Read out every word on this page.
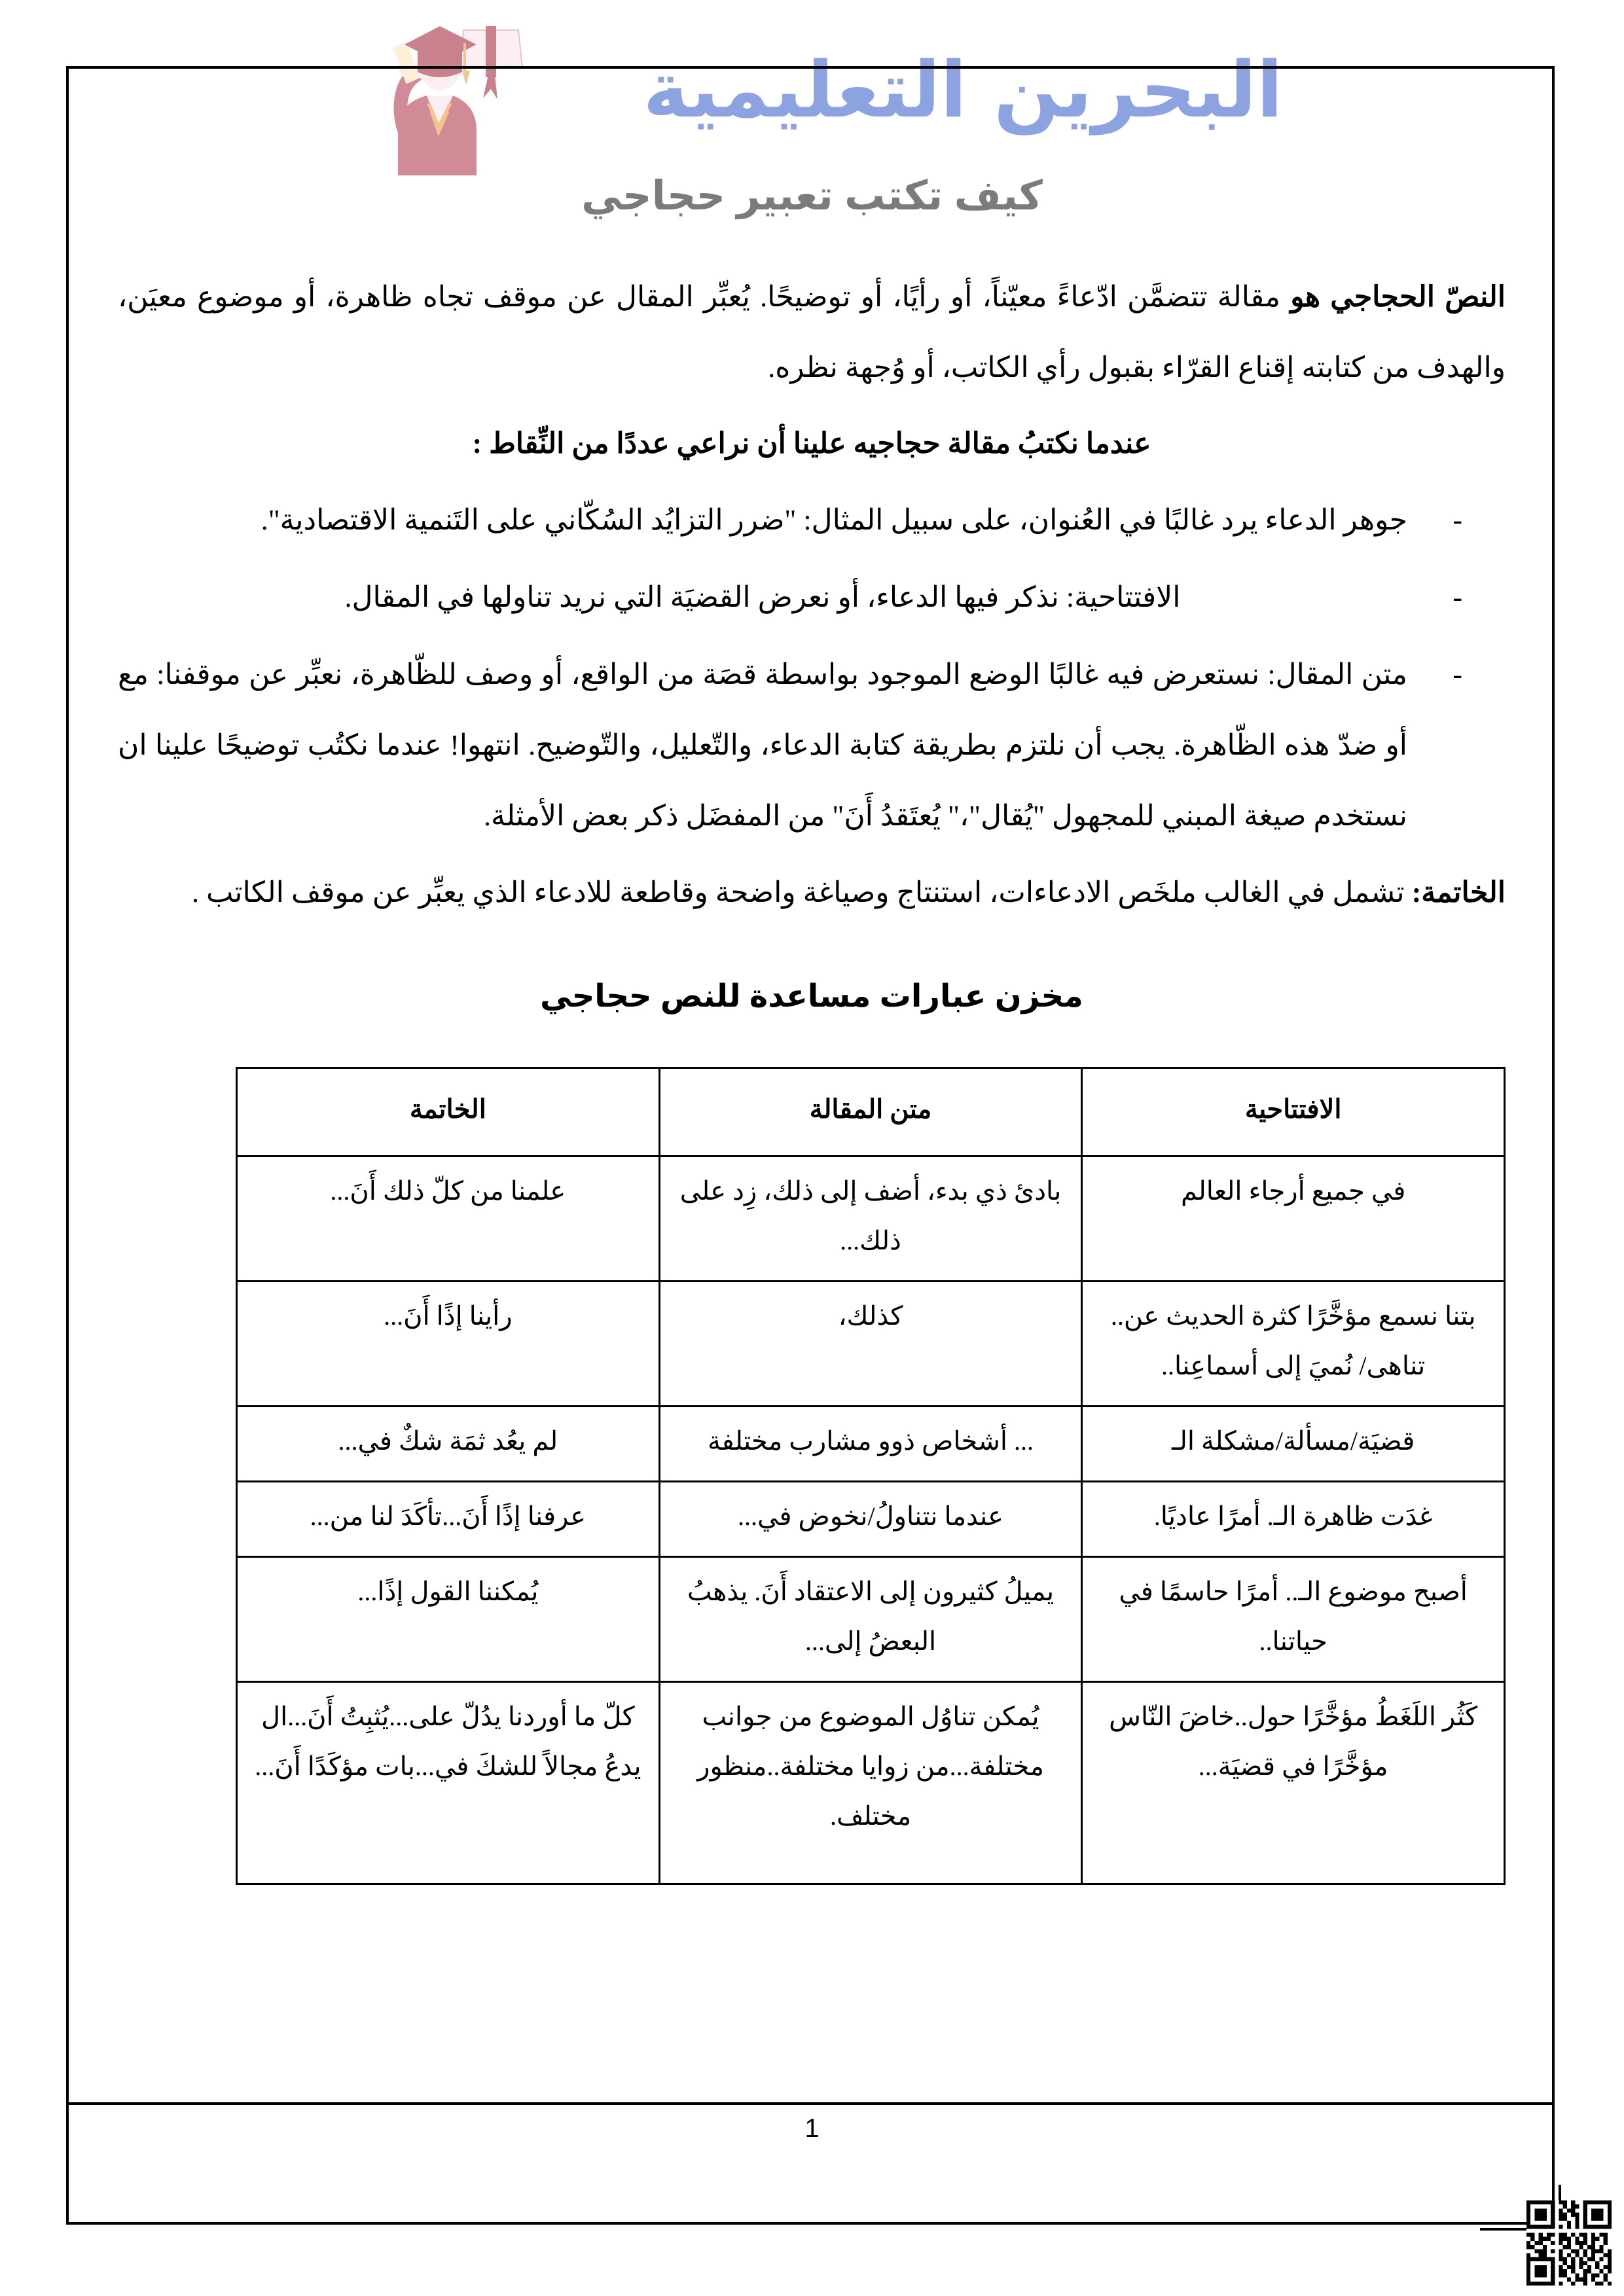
البحرين التعليمية
كيف تكتب تعبير حجاجي

النصّ الحجاجي هو مقالة تتضمَّن ادّعاءً معيّناً، أو رأيًا، أو توضيحًا. يُعبِّر المقال عن موقف تجاه ظاهرة، أو موضوع معيَن، والهدف من كتابته إقناع القرّاء بقبول رأي الكاتب، أو وُجهة نظره.

عندما نكتبُ مقالة حجاجيه علينا أن نراعي عددًا من النِّقاط :

-
جوهر الدعاء يرد غالبًا في العُنوان، على سبيل المثال: "ضرر التزايُد السُكّاني على التَنمية الاقتصادية".
-
الافتتاحية: نذكر فيها الدعاء، أو نعرض القضيَة التي نريد تناولها في المقال.
-
متن المقال: نستعرض فيه غالبًا الوضع الموجود بواسطة قصَة من الواقع، أو وصف للظّاهرة، نعبِّر عن موقفنا: مع أو ضدّ هذه الظّاهرة. يجب أن نلتزم بطريقة كتابة الدعاء، والتّعليل، والتّوضيح. انتهوا! عندما نكتُب توضيحًا علينا ان نستخدم صيغة المبني للمجهول "يُقال"،" يُعتَقدُ أَنَ" من المفضَل ذكر بعض الأمثلة.

الخاتمة: تشمل في الغالب ملخَص الادعاءات، استنتاج وصياغة واضحة وقاطعة للادعاء الذي يعبِّر عن موقف الكاتب .

مخزن عبارات مساعدة للنص حجاجي

الافتتاحية	متن المقالة	الخاتمة
في جميع أرجاء العالم	بادئ ذي بدء، أضف إلى ذلك، زِد على ذلك...	علمنا من كلّ ذلك أَنَ...
بتنا نسمع مؤخَّرًا كثرة الحديث عن.. تناهى/ نُميَ إلى أسماعِنا..	كذلك،	رأينا إذًا أَنَ...
قضيَة/مسألة/مشكلة الـ	... أشخاص ذوو مشارب مختلفة	لم يعُد ثمَة شكٌ في...
غدَت ظاهرة الـ. أمرًا عاديًا.	عندما نتناولُ/نخوض في...	عرفنا إذًا أَنَ...تأكَدَ لنا من...
أصبح موضوع الـ.. أمرًا حاسمًا في حياتنا..	يميلُ كثيرون إلى الاعتقاد أَنَ. يذهبُ البعضُ إلى...	يُمكننا القول إذًا...
كَثُر اللَغَطُ مؤخَّرًا حول..خاضَ النّاس مؤخَّرًا في قضيَة...	يُمكن تناوُل الموضوع من جوانب مختلفة...من زوايا مختلفة..منظور مختلف.	كلّ ما أوردنا يدُلّ على...يُثبِتُ أَنَ...ال يدعُ مجالاً للشكَ في...بات مؤكَدًا أَنَ...
1
